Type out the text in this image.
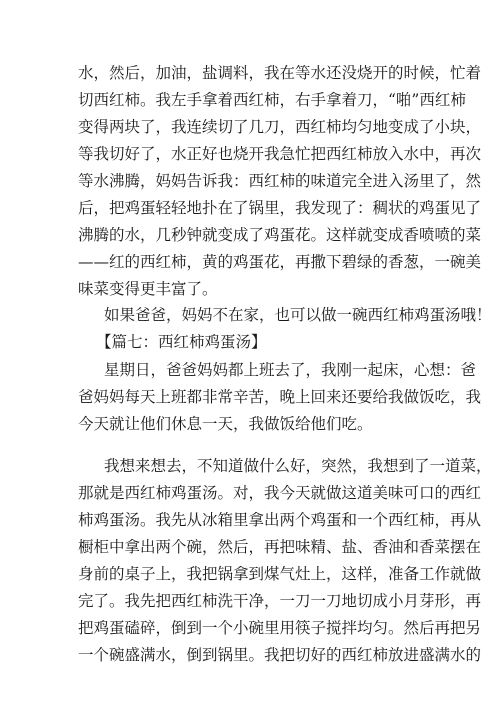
水，然后，加油，盐调料，我在等水还没烧开的时候，忙着
切西红柿。我左手拿着西红柿，右手拿着刀，“啪”西红柿
变得两块了，我连续切了几刀，西红柿均匀地变成了小块，
等我切好了，水正好也烧开我急忙把西红柿放入水中，再次
等水沸腾，妈妈告诉我：西红柿的味道完全进入汤里了，然
后，把鸡蛋轻轻地扑在了锅里，我发现了：稠状的鸡蛋见了
沸腾的水，几秒钟就变成了鸡蛋花。这样就变成香喷喷的菜
——红的西红柿，黄的鸡蛋花，再撒下碧绿的香葱，一碗美
味菜变得更丰富了。
如果爸爸，妈妈不在家，也可以做一碗西红柿鸡蛋汤哦！
【篇七：西红柿鸡蛋汤】
星期日，爸爸妈妈都上班去了，我刚一起床，心想：爸
爸妈妈每天上班都非常辛苦，晚上回来还要给我做饭吃，我
今天就让他们休息一天，我做饭给他们吃。
我想来想去，不知道做什么好，突然，我想到了一道菜，
那就是西红柿鸡蛋汤。对，我今天就做这道美味可口的西红
柿鸡蛋汤。我先从冰箱里拿出两个鸡蛋和一个西红柿，再从
橱柜中拿出两个碗，然后，再把味精、盐、香油和香菜摆在
身前的桌子上，我把锅拿到煤气灶上，这样，准备工作就做
完了。我先把西红柿洗干净，一刀一刀地切成小月芽形，再
把鸡蛋磕碎，倒到一个小碗里用筷子搅拌均匀。然后再把另
一个碗盛满水，倒到锅里。我把切好的西红柿放进盛满水的
